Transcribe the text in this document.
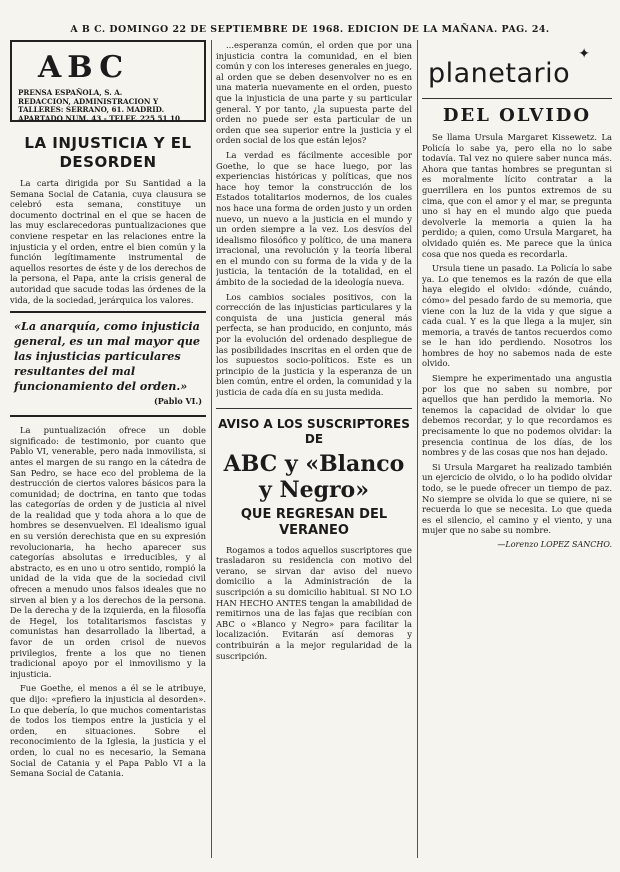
A B C. DOMINGO 22 DE SEPTIEMBRE DE 1968. EDICION DE LA MAÑANA. PAG. 24.
ABC
PRENSA ESPAÑOLA, S. A.
REDACCION, ADMINISTRACION Y TALLERES: SERRANO, 61. MADRID.
APARTADO NUM. 43 - TELEF. 225 51 10
LA INJUSTICIA Y EL DESORDEN

La carta dirigida por Su Santidad a la Semana Social de Catania, cuya clausura se celebró esta semana, constituye un documento doctrinal en el que se hacen de las muy esclarecedoras puntualizaciones que conviene respetar en las relaciones entre la injusticia y el orden, entre el bien común y la función legítimamente instrumental de aquellos resortes de éste y de los derechos de la persona, el Papa, ante la crisis general de autoridad que sacude todas las órdenes de la vida, de la sociedad, jerárquica los valores.

«La anarquía, como injusticia general, es un mal mayor que las injusticias particulares resultantes del mal funcionamiento del orden.»
(Pablo VI.)

La puntualización ofrece un doble significado: de testimonio, por cuanto que Pablo VI, venerable, pero nada inmovilista, si antes el margen de su rango en la cátedra de San Pedro, se hace eco del problema de la destrucción de ciertos valores básicos para la comunidad; de doctrina, en tanto que todas las categorías de orden y de justicia al nivel de la realidad que y toda ahora a lo que de hombres se desenvuelven. El idealismo igual en su versión derechista que en su expresión revolucionaria, ha hecho aparecer sus categorías absolutas e irreducibles, y al abstracto, es en uno u otro sentido, rompió la unidad de la vida que de la sociedad civil ofrecen a menudo unos falsos ideales que no sirven al bien y a los derechos de la persona. De la derecha y de la izquierda, en la filosofía de Hegel, los totalitarismos fascistas y comunistas han desarrollado la libertad, a favor de un orden crisol de nuevos privilegios, frente a los que no tienen tradicional apoyo por el inmovilismo y la injusticia.

Fue Goethe, el menos a él se le atribuye, que dijo: «prefiero la injusticia al desorden». Lo que debería, lo que muchos comentaristas de todos los tiempos entre la justicia y el orden, en situaciones. Sobre el reconocimiento de la Iglesia, la justicia y el orden, lo cual no es necesario, la Semana Social de Catania y el Papa Pablo VI a la Semana Social de Catania.

...esperanza común, el orden que por una injusticia contra la comunidad, en el bien común y con los intereses generales en juego, al orden que se deben desenvolver no es en una materia nuevamente en el orden, puesto que la injusticia de una parte y su particular general. Y por tanto, ¿la supuesta parte del orden no puede ser esta particular de un orden que sea superior entre la justicia y el orden social de los que están lejos?

La verdad es fácilmente accesible por Goethe, lo que se hace luego, por las experiencias históricas y políticas, que nos hace hoy temor la construcción de los Estados totalitarios modernos, de los cuales nos hace una forma de orden justo y un orden nuevo, un nuevo a la justicia en el mundo y un orden siempre a la vez. Los desvíos del idealismo filosófico y político, de una manera irracional, una revolución y la teoría liberal en el mundo con su forma de la vida y de la justicia, la tentación de la totalidad, en el ámbito de la sociedad de la ideología nueva.

Los cambios sociales positivos, con la corrección de las injusticias particulares y la conquista de una justicia general más perfecta, se han producido, en conjunto, más por la evolución del ordenado despliegue de las posibilidades inscritas en el orden que de los supuestos socio-políticos. Este es un principio de la justicia y la esperanza de un bien común, entre el orden, la comunidad y la justicia de cada día en su justa medida.

AVISO A LOS SUSCRIPTORES DE
ABC y «Blanco y Negro»
QUE REGRESAN DEL VERANEO

Rogamos a todos aquellos suscriptores que trasladaron su residencia con motivo del verano, se sirvan dar aviso del nuevo domicilio a la Administración de la suscripción a su domicilio habitual. SI NO LO HAN HECHO ANTES tengan la amabilidad de remitirnos una de las fajas que recibían con ABC o «Blanco y Negro» para facilitar la localización. Evitarán así demoras y contribuirán a la mejor regularidad de la suscripción.

✦
planetario
DEL OLVIDO

Se llama Ursula Margaret Kissewetz. La Policía lo sabe ya, pero ella no lo sabe todavía. Tal vez no quiere saber nunca más. Ahora que tantas hombres se preguntan si es moralmente lícito contratar a la guerrillera en los puntos extremos de su cima, que con el amor y el mar, se pregunta uno si hay en el mundo algo que pueda devolverle la memoria a quien la ha perdido; a quien, como Ursula Margaret, ha olvidado quién es. Me parece que la única cosa que nos queda es recordarla.

Ursula tiene un pasado. La Policía lo sabe ya. Lo que tenemos es la razón de que ella haya elegido el olvido: «dónde, cuándo, cómo» del pesado fardo de su memoria, que viene con la luz de la vida y que sigue a cada cual. Y es la que llega a la mujer, sin memoria, a través de tantos recuerdos como se le han ido perdiendo. Nosotros los hombres de hoy no sabemos nada de este olvido.

Siempre he experimentado una angustia por los que no saben su nombre, por aquellos que han perdido la memoria. No tenemos la capacidad de olvidar lo que debemos recordar, y lo que recordamos es precisamente lo que no podemos olvidar: la presencia continua de los días, de los nombres y de las cosas que nos han dejado.

Si Ursula Margaret ha realizado también un ejercicio de olvido, o lo ha podido olvidar todo, se le puede ofrecer un tiempo de paz. No siempre se olvida lo que se quiere, ni se recuerda lo que se necesita. Lo que queda es el silencio, el camino y el viento, y una mujer que no sabe su nombre.

—Lorenzo LOPEZ SANCHO.
